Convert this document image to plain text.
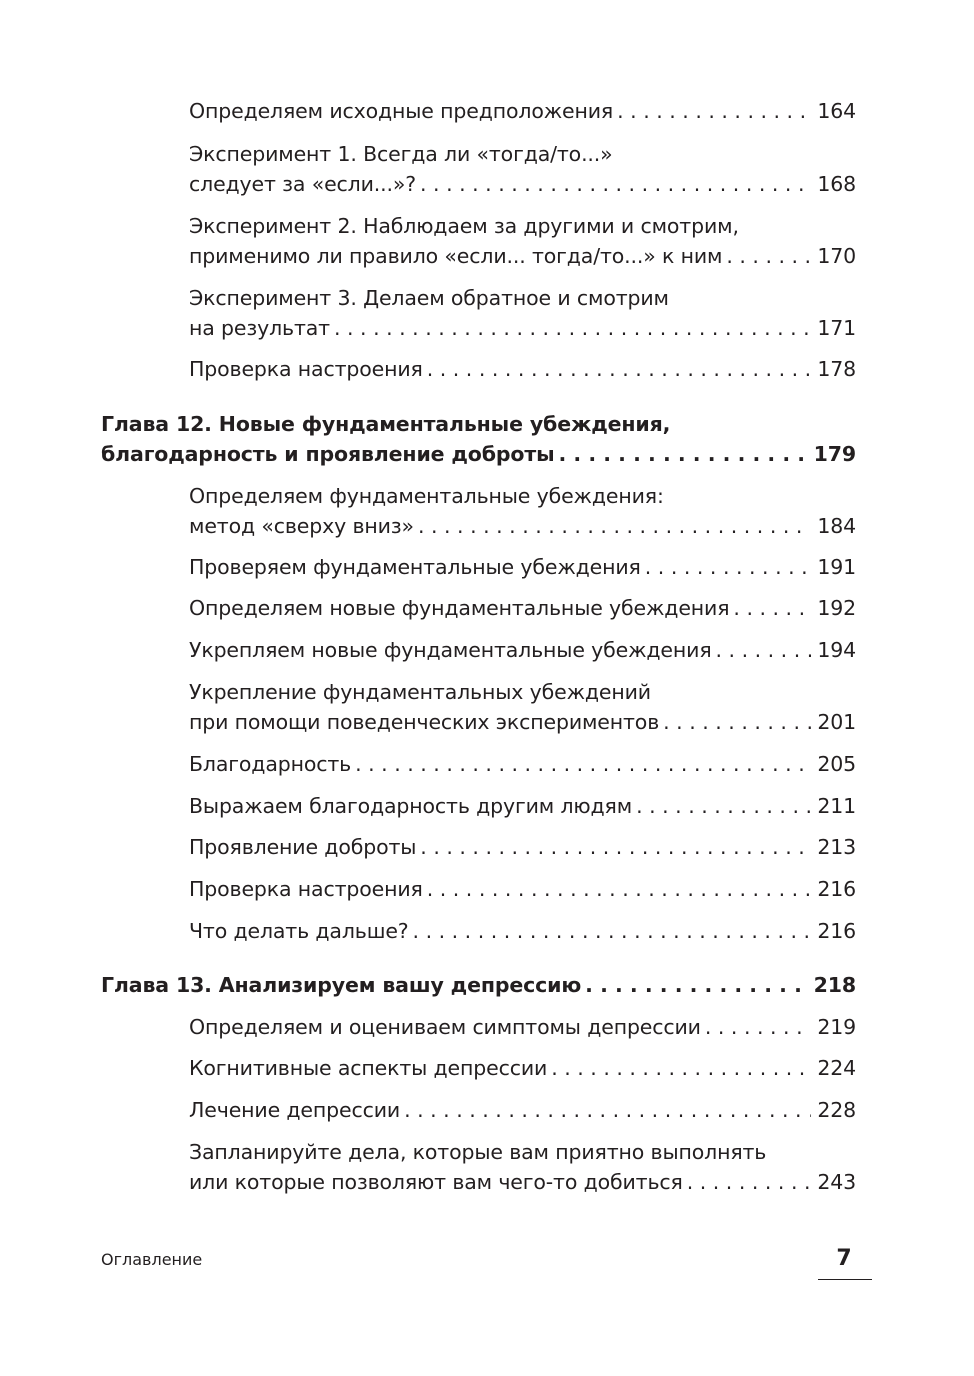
Определяем исходные предположения . . .	164
Эксперимент 1. Всегда ли «тогда/то...»
следует за «если...»? . . .	168
Эксперимент 2. Наблюдаем за другими и смотрим,
применимо ли правило «если... тогда/то...» к ним . . .	170
Эксперимент 3. Делаем обратное и смотрим
на результат . . .	171
Проверка настроения . . .	178
Глава 12. Новые фундаментальные убеждения,
благодарность и проявление доброты . . .	179
Определяем фундаментальные убеждения:
метод «сверху вниз» . . .	184
Проверяем фундаментальные убеждения . . .	191
Определяем новые фундаментальные убеждения . . .	192
Укрепляем новые фундаментальные убеждения . . .	194
Укрепление фундаментальных убеждений
при помощи поведенческих экспериментов . . .	201
Благодарность . . .	205
Выражаем благодарность другим людям . . .	211
Проявление доброты . . .	213
Проверка настроения . . .	216
Что делать дальше? . . .	216
Глава 13. Анализируем вашу депрессию . . .	218
Определяем и оцениваем симптомы депрессии . . .	219
Когнитивные аспекты депрессии . . .	224
Лечение депрессии . . .	228
Запланируйте дела, которые вам приятно выполнять
или которые позволяют вам чего-то добиться . . .	243
Оглавление	7
